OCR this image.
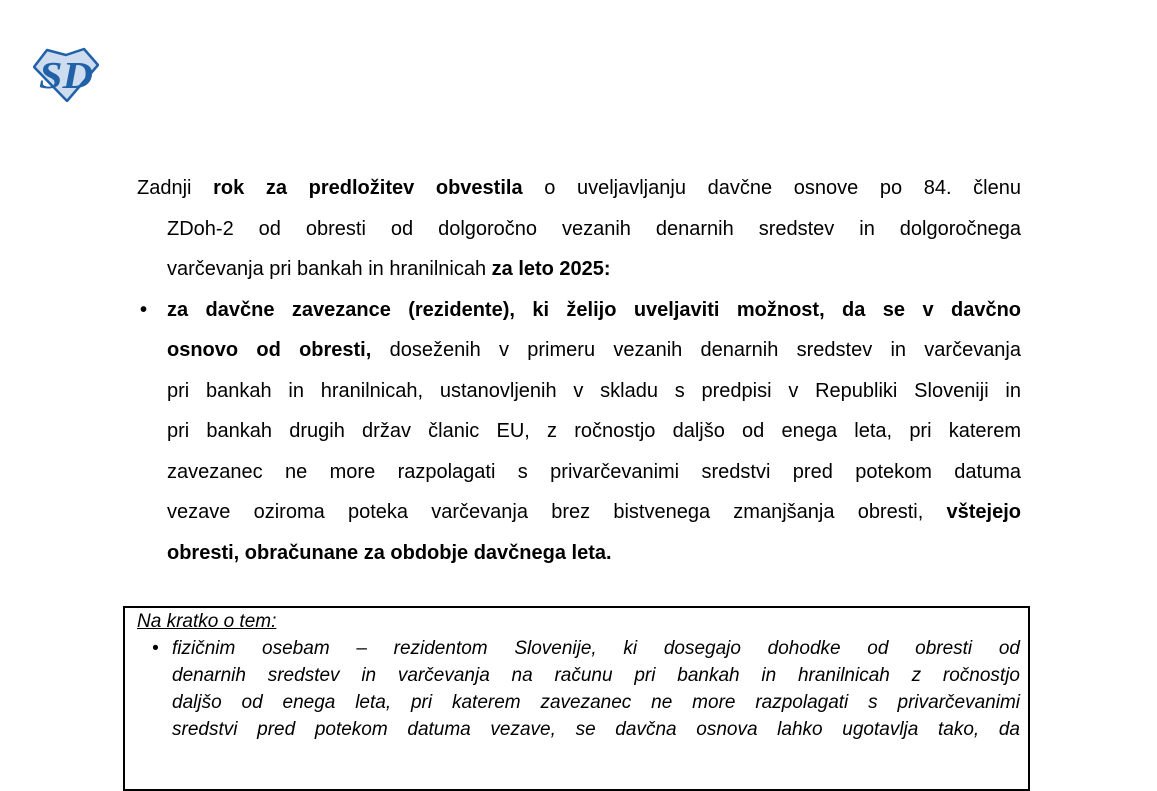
SD
Zadnji rok za predložitev obvestila o uveljavljanju davčne osnove po 84. členu
ZDoh-2 od obresti od dolgoročno vezanih denarnih sredstev in dolgoročnega
varčevanja pri bankah in hranilnicah za leto 2025:
• za davčne zavezance (rezidente), ki želijo uveljaviti možnost, da se v davčno
osnovo od obresti, doseženih v primeru vezanih denarnih sredstev in varčevanja
pri bankah in hranilnicah, ustanovljenih v skladu s predpisi v Republiki Sloveniji in
pri bankah drugih držav članic EU, z ročnostjo daljšo od enega leta, pri katerem
zavezanec ne more razpolagati s privarčevanimi sredstvi pred potekom datuma
vezave oziroma poteka varčevanja brez bistvenega zmanjšanja obresti, vštejejo
obresti, obračunane za obdobje davčnega leta.
Na kratko o tem:
• fizičnim osebam – rezidentom Slovenije, ki dosegajo dohodke od obresti od
denarnih sredstev in varčevanja na računu pri bankah in hranilnicah z ročnostjo
daljšo od enega leta, pri katerem zavezanec ne more razpolagati s privarčevanimi
sredstvi pred potekom datuma vezave, se davčna osnova lahko ugotavlja tako, da
